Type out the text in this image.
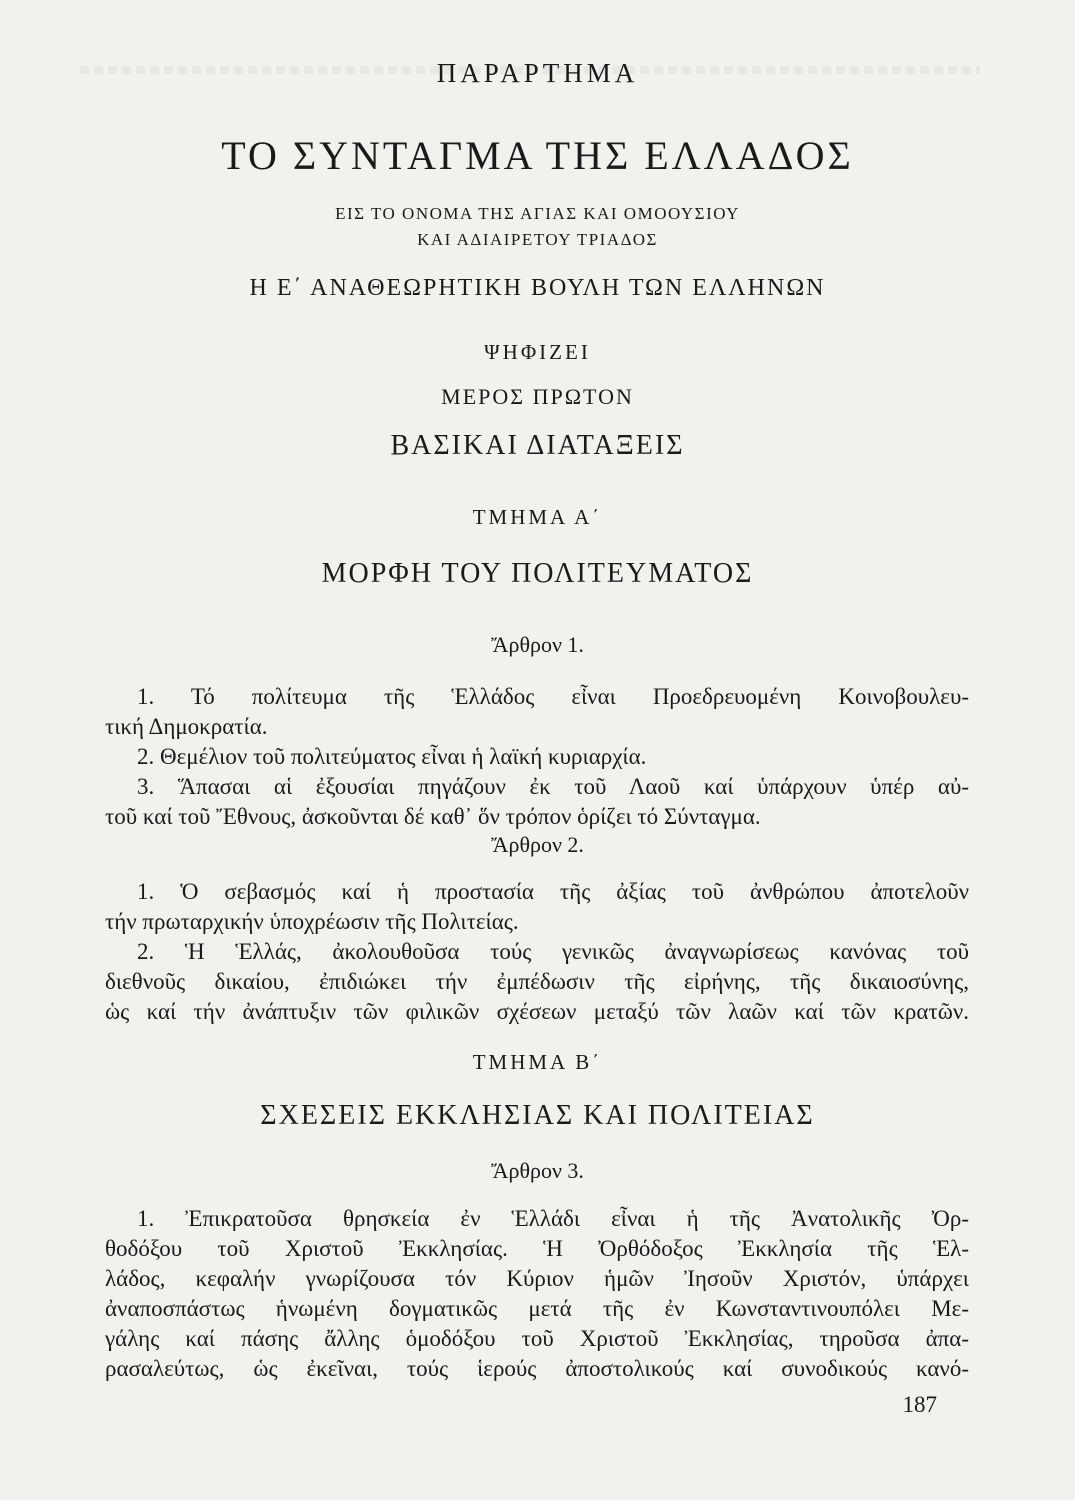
ΠΑΡΑΡΤΗΜΑ
ΤΟ ΣΥΝΤΑΓΜΑ ΤΗΣ ΕΛΛΑΔΟΣ
ΕΙΣ ΤΟ ΟΝΟΜΑ ΤΗΣ ΑΓΙΑΣ ΚΑΙ ΟΜΟΟΥΣΙΟΥ
ΚΑΙ ΑΔΙΑΙΡΕΤΟΥ ΤΡΙΑΔΟΣ
Η Ε΄ ΑΝΑΘΕΩΡΗΤΙΚΗ ΒΟΥΛΗ ΤΩΝ ΕΛΛΗΝΩΝ
ΨΗΦΙΖΕΙ
ΜΕΡΟΣ ΠΡΩΤΟΝ
ΒΑΣΙΚΑΙ ΔΙΑΤΑΞΕΙΣ
ΤΜΗΜΑ Α΄
ΜΟΡΦΗ ΤΟΥ ΠΟΛΙΤΕΥΜΑΤΟΣ
Ἄρθρον 1.
1. Τό πολίτευμα τῆς Ἑλλάδος εἶναι Προεδρευομένη Κοινοβουλευ-
τική Δημοκρατία.
2. Θεμέλιον τοῦ πολιτεύματος εἶναι ἡ λαϊκή κυριαρχία.
3. Ἅπασαι αἱ ἐξουσίαι πηγάζουν ἐκ τοῦ Λαοῦ καί ὑπάρχουν ὑπέρ αὐ-
τοῦ καί τοῦ Ἔθνους, ἀσκοῦνται δέ καθ᾽ ὅν τρόπον ὁρίζει τό Σύνταγμα.
Ἄρθρον 2.
1. Ὁ σεβασμός καί ἡ προστασία τῆς ἀξίας τοῦ ἀνθρώπου ἀποτελοῦν
τήν πρωταρχικήν ὑποχρέωσιν τῆς Πολιτείας.
2. Ἡ Ἑλλάς, ἀκολουθοῦσα τούς γενικῶς ἀναγνωρίσεως κανόνας τοῦ
διεθνοῦς δικαίου, ἐπιδιώκει τήν ἐμπέδωσιν τῆς εἰρήνης, τῆς δικαιοσύνης,
ὡς καί τήν ἀνάπτυξιν τῶν φιλικῶν σχέσεων μεταξύ τῶν λαῶν καί τῶν κρατῶν.
ΤΜΗΜΑ Β΄
ΣΧΕΣΕΙΣ ΕΚΚΛΗΣΙΑΣ ΚΑΙ ΠΟΛΙΤΕΙΑΣ
Ἄρθρον 3.
1. Ἐπικρατοῦσα θρησκεία ἐν Ἑλλάδι εἶναι ἡ τῆς Ἀνατολικῆς Ὀρ-
θοδόξου τοῦ Χριστοῦ Ἐκκλησίας. Ἡ Ὀρθόδοξος Ἐκκλησία τῆς Ἑλ-
λάδος, κεφαλήν γνωρίζουσα τόν Κύριον ἡμῶν Ἰησοῦν Χριστόν, ὑπάρχει
ἀναποσπάστως ἡνωμένη δογματικῶς μετά τῆς ἐν Κωνσταντινουπόλει Με-
γάλης καί πάσης ἄλλης ὁμοδόξου τοῦ Χριστοῦ Ἐκκλησίας, τηροῦσα ἀπα-
ρασαλεύτως, ὡς ἐκεῖναι, τούς ἱερούς ἀποστολικούς καί συνοδικούς κανό-
187
